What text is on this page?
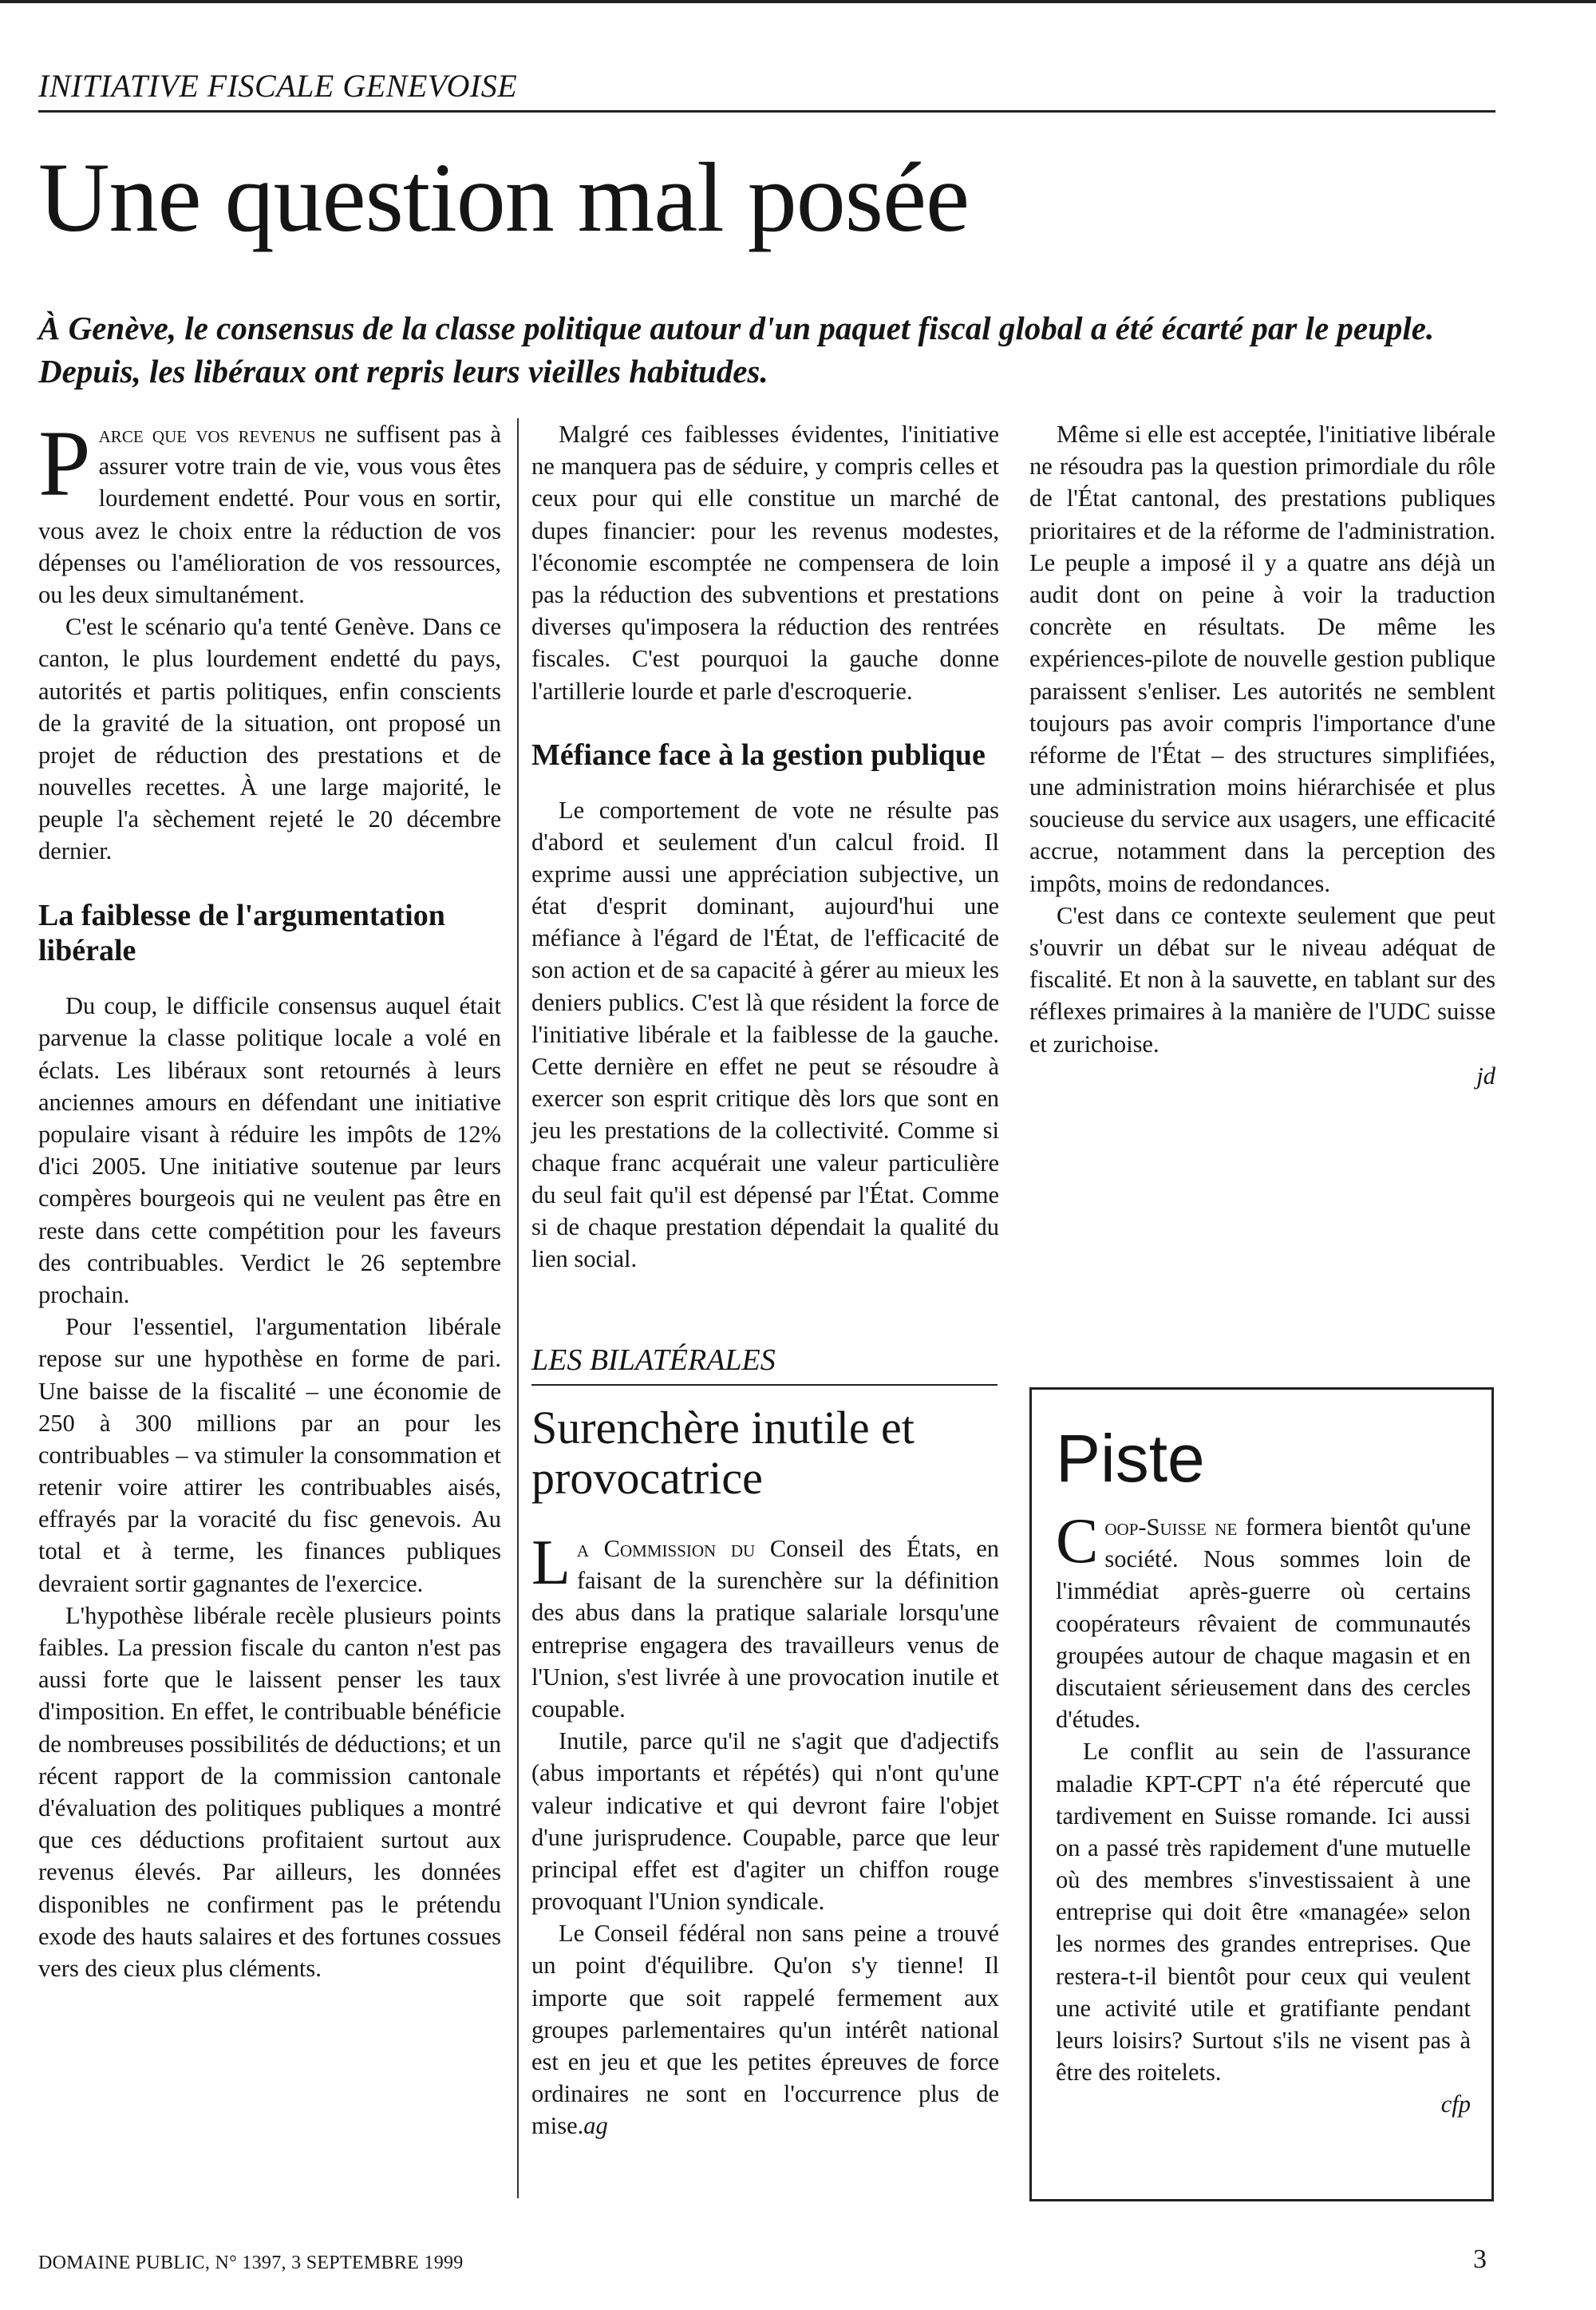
INITIATIVE FISCALE GENEVOISE
Une question mal posée
À Genève, le consensus de la classe politique autour d'un paquet fiscal global a été écarté par le peuple. Depuis, les libéraux ont repris leurs vieilles habitudes.

Parce que vos revenus ne suffisent pas à assurer votre train de vie, vous vous êtes lourdement endetté. Pour vous en sortir, vous avez le choix entre la réduction de vos dépenses ou l'amélioration de vos ressources, ou les deux simultanément.

C'est le scénario qu'a tenté Genève. Dans ce canton, le plus lourdement endetté du pays, autorités et partis politiques, enfin conscients de la gravité de la situation, ont proposé un projet de réduction des prestations et de nouvelles recettes. À une large majorité, le peuple l'a sèchement rejeté le 20 décembre dernier.

La faiblesse de l'argumentation libérale

Du coup, le difficile consensus auquel était parvenue la classe politique locale a volé en éclats. Les libéraux sont retournés à leurs anciennes amours en défendant une initiative populaire visant à réduire les impôts de 12% d'ici 2005. Une initiative soutenue par leurs compères bourgeois qui ne veulent pas être en reste dans cette compétition pour les faveurs des contribuables. Verdict le 26 septembre prochain.

Pour l'essentiel, l'argumentation libérale repose sur une hypothèse en forme de pari. Une baisse de la fiscalité – une économie de 250 à 300 millions par an pour les contribuables – va stimuler la consommation et retenir voire attirer les contribuables aisés, effrayés par la voracité du fisc genevois. Au total et à terme, les finances publiques devraient sortir gagnantes de l'exercice.

L'hypothèse libérale recèle plusieurs points faibles. La pression fiscale du canton n'est pas aussi forte que le laissent penser les taux d'imposition. En effet, le contribuable bénéficie de nombreuses possibilités de déductions; et un récent rapport de la commission cantonale d'évaluation des politiques publiques a montré que ces déductions profitaient surtout aux revenus élevés. Par ailleurs, les données disponibles ne confirment pas le prétendu exode des hauts salaires et des fortunes cossues vers des cieux plus cléments.

Malgré ces faiblesses évidentes, l'initiative ne manquera pas de séduire, y compris celles et ceux pour qui elle constitue un marché de dupes financier: pour les revenus modestes, l'économie escomptée ne compensera de loin pas la réduction des subventions et prestations diverses qu'imposera la réduction des rentrées fiscales. C'est pourquoi la gauche donne l'artillerie lourde et parle d'escroquerie.

Méfiance face à la gestion publique

Le comportement de vote ne résulte pas d'abord et seulement d'un calcul froid. Il exprime aussi une appréciation subjective, un état d'esprit dominant, aujourd'hui une méfiance à l'égard de l'État, de l'efficacité de son action et de sa capacité à gérer au mieux les deniers publics. C'est là que résident la force de l'initiative libérale et la faiblesse de la gauche. Cette dernière en effet ne peut se résoudre à exercer son esprit critique dès lors que sont en jeu les prestations de la collectivité. Comme si chaque franc acquérait une valeur particulière du seul fait qu'il est dépensé par l'État. Comme si de chaque prestation dépendait la qualité du lien social.

Même si elle est acceptée, l'initiative libérale ne résoudra pas la question primordiale du rôle de l'État cantonal, des prestations publiques prioritaires et de la réforme de l'administration. Le peuple a imposé il y a quatre ans déjà un audit dont on peine à voir la traduction concrète en résultats. De même les expériences-pilote de nouvelle gestion publique paraissent s'enliser. Les autorités ne semblent toujours pas avoir compris l'importance d'une réforme de l'État – des structures simplifiées, une administration moins hiérarchisée et plus soucieuse du service aux usagers, une efficacité accrue, notamment dans la perception des impôts, moins de redondances.

C'est dans ce contexte seulement que peut s'ouvrir un débat sur le niveau adéquat de fiscalité. Et non à la sauvette, en tablant sur des réflexes primaires à la manière de l'UDC suisse et zurichoise.

jd
LES BILATÉRALES
Surenchère inutile et provocatrice

La Commission du Conseil des États, en faisant de la surenchère sur la définition des abus dans la pratique salariale lorsqu'une entreprise engagera des travailleurs venus de l'Union, s'est livrée à une provocation inutile et coupable.

Inutile, parce qu'il ne s'agit que d'adjectifs (abus importants et répétés) qui n'ont qu'une valeur indicative et qui devront faire l'objet d'une jurisprudence. Coupable, parce que leur principal effet est d'agiter un chiffon rouge provoquant l'Union syndicale.

Le Conseil fédéral non sans peine a trouvé un point d'équilibre. Qu'on s'y tienne! Il importe que soit rappelé fermement aux groupes parlementaires qu'un intérêt national est en jeu et que les petites épreuves de force ordinaires ne sont en l'occurrence plus de mise.ag

Piste

Coop-Suisse ne formera bientôt qu'une société. Nous sommes loin de l'immédiat après-guerre où certains coopérateurs rêvaient de communautés groupées autour de chaque magasin et en discutaient sérieusement dans des cercles d'études.

Le conflit au sein de l'assurance maladie KPT-CPT n'a été répercuté que tardivement en Suisse romande. Ici aussi on a passé très rapidement d'une mutuelle où des membres s'investissaient à une entreprise qui doit être «managée» selon les normes des grandes entreprises. Que restera-t-il bientôt pour ceux qui veulent une activité utile et gratifiante pendant leurs loisirs? Surtout s'ils ne visent pas à être des roitelets.

cfp
DOMAINE PUBLIC, N° 1397, 3 SEPTEMBRE 1999	3
